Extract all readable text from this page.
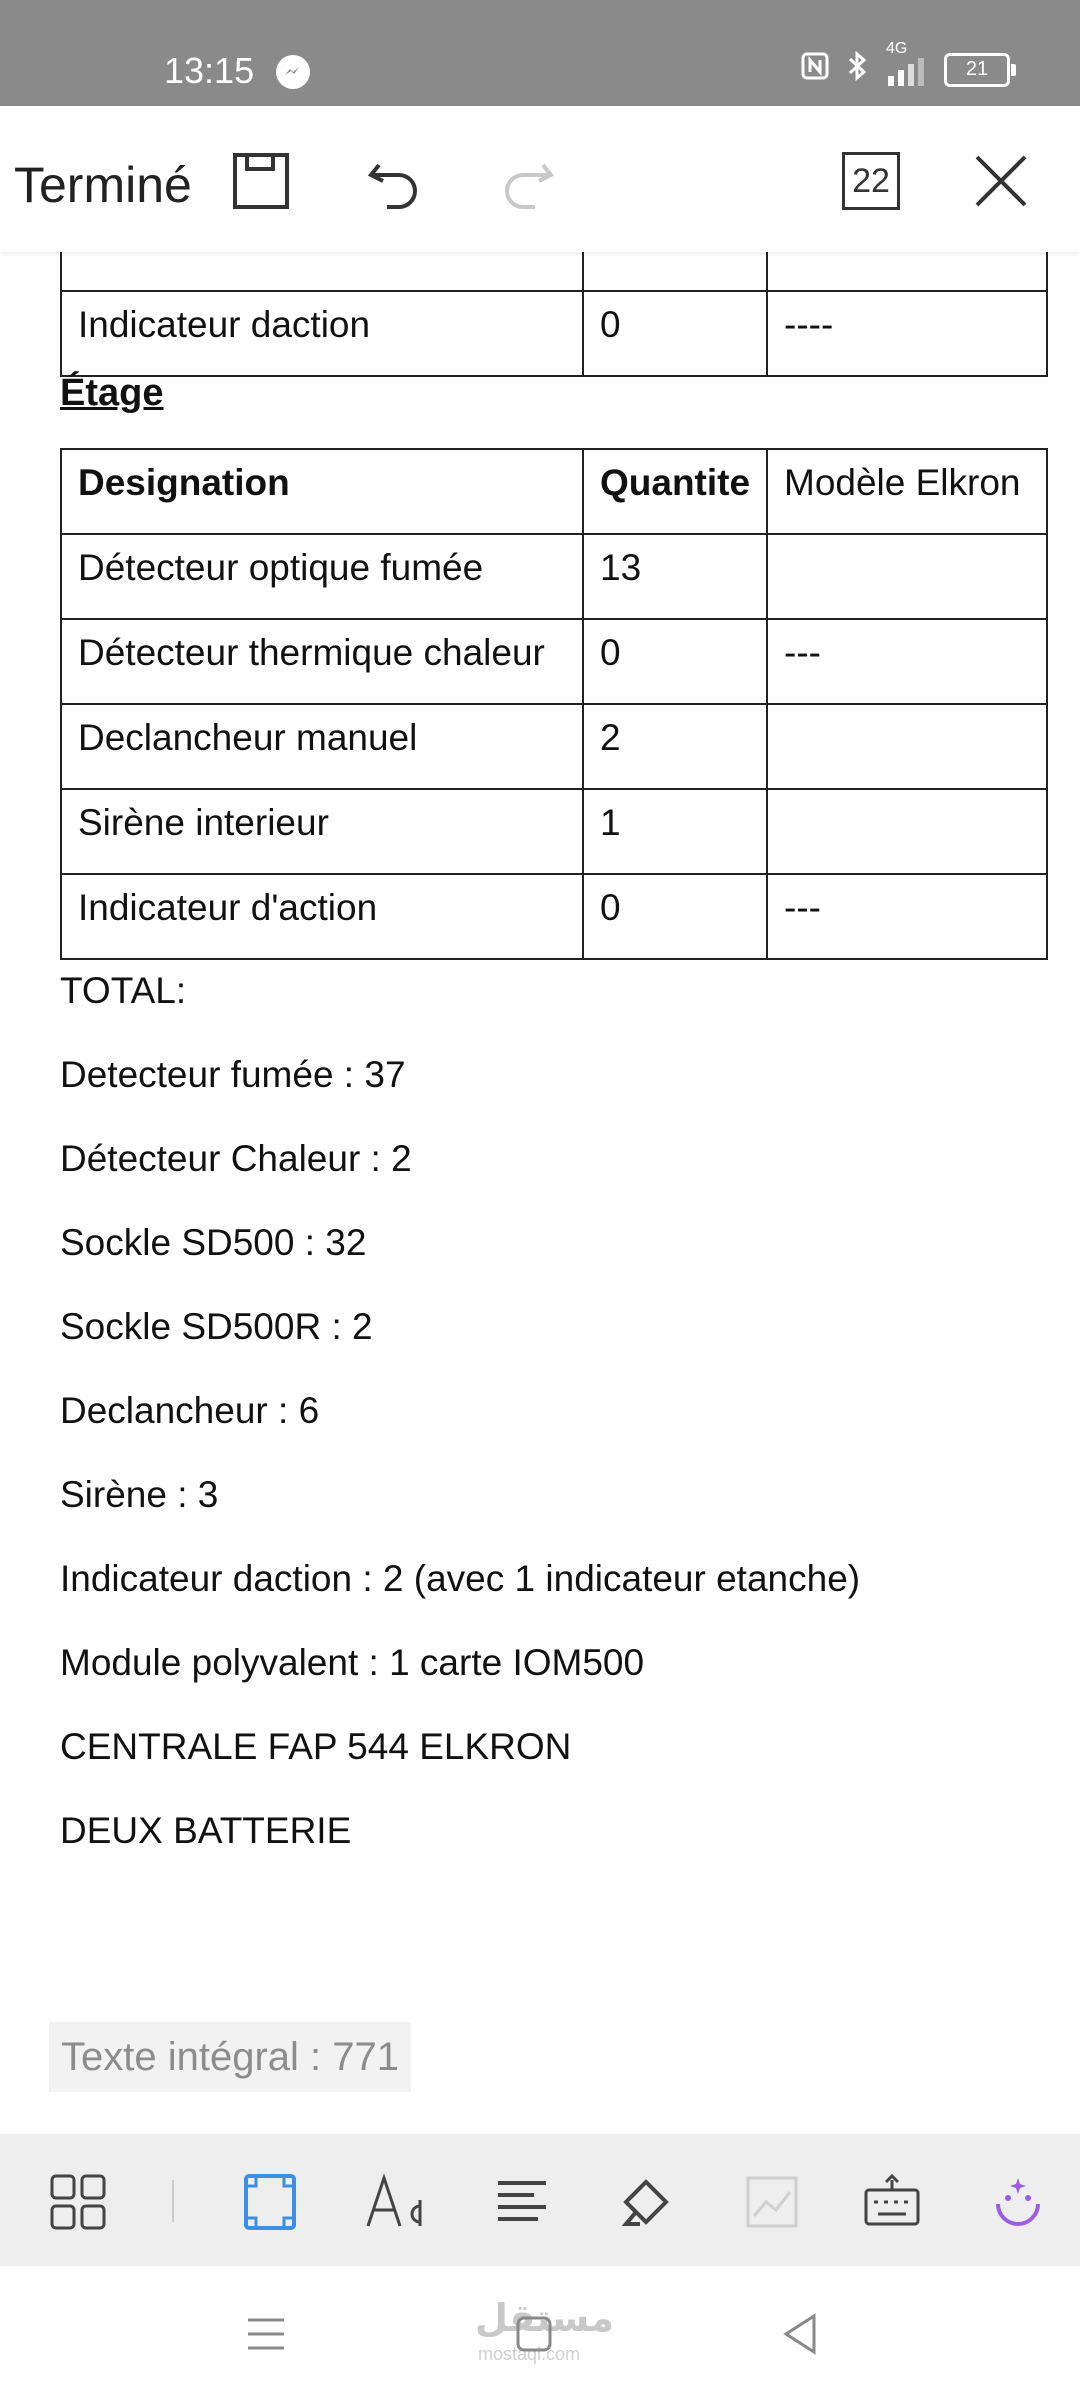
13:15
4G
21
Terminé	22

Indicateur daction	0	----
Étage
Designation	Quantite	Modèle Elkron
Détecteur optique fumée	13	
Détecteur thermique chaleur	0	---
Declancheur manuel	2	
Sirène interieur	1	
Indicateur d'action	0	---
TOTAL:
Detecteur fumée : 37
Détecteur Chaleur : 2
Sockle SD500 : 32
Sockle SD500R : 2
Declancheur : 6
Sirène : 3
Indicateur daction : 2 (avec 1 indicateur etanche)
Module polyvalent : 1 carte IOM500
CENTRALE FAP 544 ELKRON
DEUX BATTERIE
Texte intégral : 771
مستقل
mostaql.com
